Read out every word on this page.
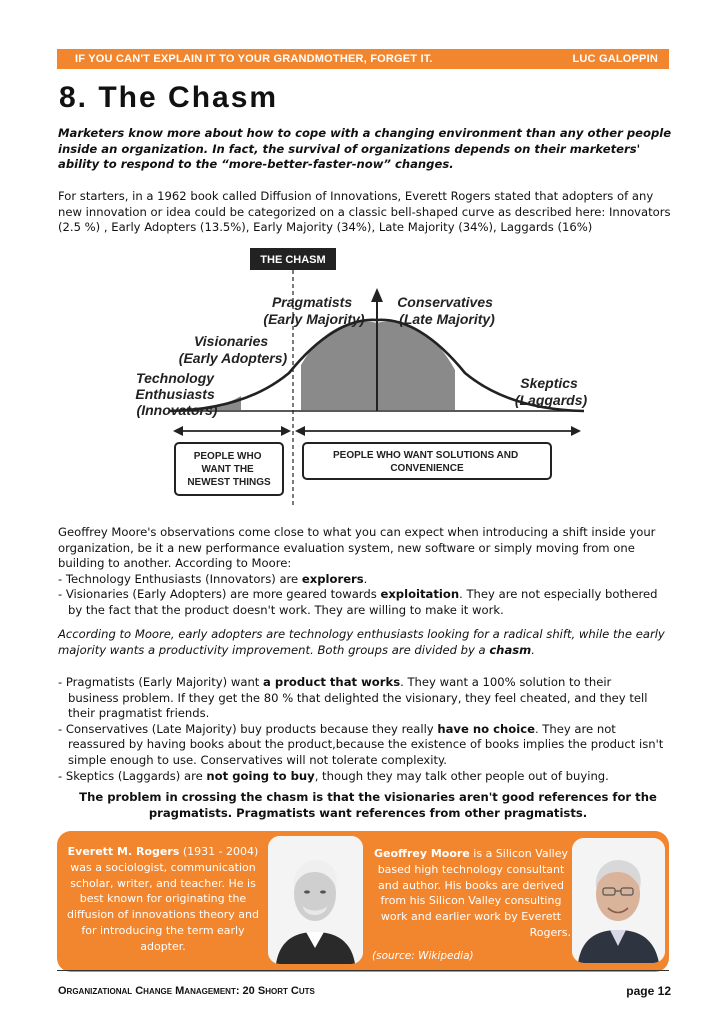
IF YOU CAN'T EXPLAIN IT TO YOUR GRANDMOTHER, FORGET IT.	LUC GALOPPIN
8. The Chasm

Marketers know more about how to cope with a changing environment than any other people inside an organization. In fact, the survival of organizations depends on their marketers' ability to respond to the “more-better-faster-now” changes.

For starters, in a 1962 book called Diffusion of Innovations, Everett Rogers stated that adopters of any new innovation or idea could be categorized on a classic bell-shaped curve as described here: Innovators (2.5 %) , Early Adopters (13.5%), Early Majority (34%), Late Majority (34%), Laggards (16%)

THE CHASM
Pragmatists (Early Majority)
Conservatives (Late Majority)
Visionaries (Early Adopters)
Technology Enthusiasts (Innovators)
Skeptics (Laggards)
PEOPLE WHO WANT THE NEWEST THINGS
PEOPLE WHO WANT SOLUTIONS AND CONVENIENCE
Geoffrey Moore's observations come close to what you can expect when introducing a shift inside your organization, be it a new performance evaluation system, new software or simply moving from one building to another. According to Moore:
- Technology Enthusiasts (Innovators) are explorers.
- Visionaries (Early Adopters) are more geared towards exploitation. They are not especially bothered
by the fact that the product doesn't work. They are willing to make it work.

According to Moore, early adopters are technology enthusiasts looking for a radical shift, while the early majority wants a productivity improvement. Both groups are divided by a chasm.

- Pragmatists (Early Majority) want a product that works. They want a 100% solution to their
business problem. If they get the 80 % that delighted the visionary, they feel cheated, and they tell their pragmatist friends.
- Conservatives (Late Majority) buy products because they really have no choice. They are not
reassured by having books about the product,because the existence of books implies the product isn't simple enough to use. Conservatives will not tolerate complexity.
- Skeptics (Laggards) are not going to buy, though they may talk other people out of buying.
The problem in crossing the chasm is that the visionaries aren't good references for the
pragmatists. Pragmatists want references from other pragmatists.
Everett M. Rogers (1931 - 2004) was a sociologist, communication scholar, writer, and teacher. He is best known for originating the diffusion of innovations theory and for introducing the term early adopter.
Geoffrey Moore is a Silicon Valley based high technology consultant and author. His books are derived from his Silicon Valley consulting work and earlier work by Everett
Rogers.
(source: Wikipedia)
Organizational Change Management: 20 Short Cuts	page 12
